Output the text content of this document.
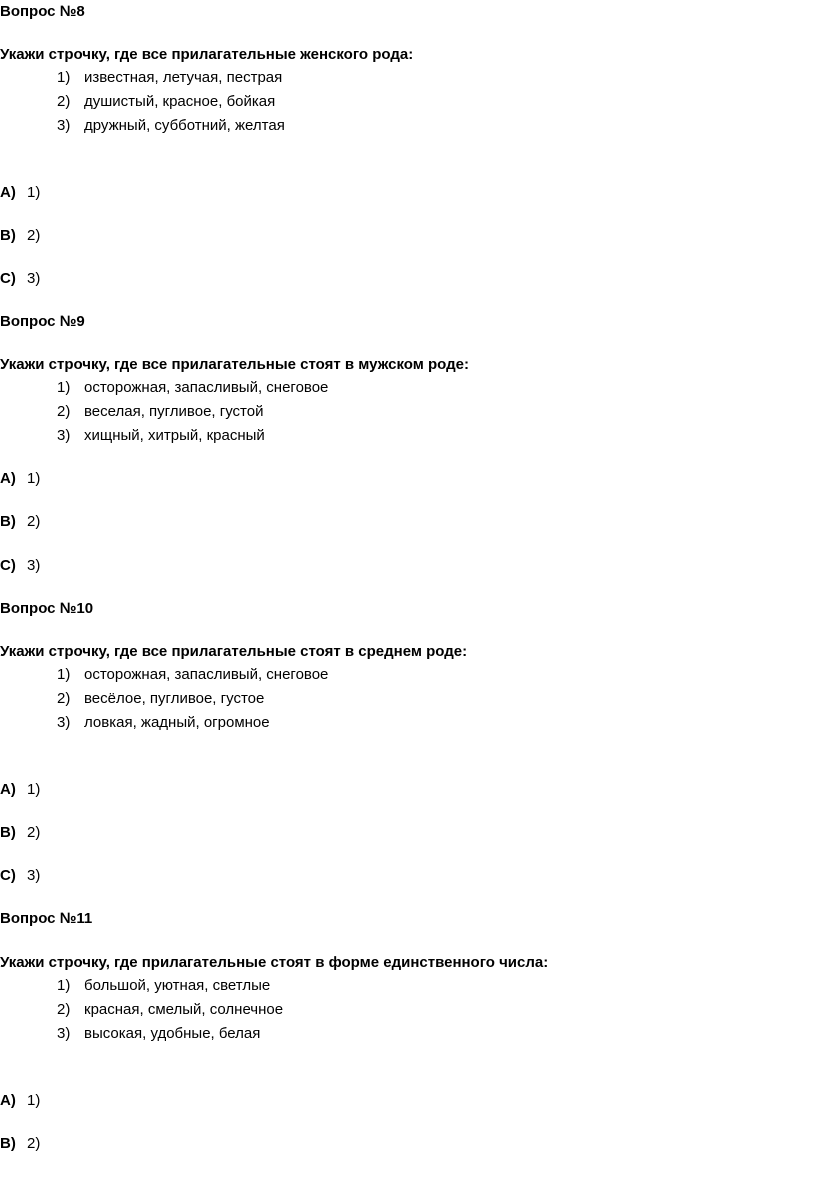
Вопрос №8
Укажи строчку, где все прилагательные женского рода:
1) известная, летучая, пестрая
2) душистый, красное, бойкая
3) дружный, субботний, желтая
A) 1)
B) 2)
C) 3)
Вопрос №9
Укажи строчку, где все прилагательные стоят в мужском роде:
1) осторожная, запасливый, снеговое
2) веселая, пугливое, густой
3) хищный, хитрый, красный
A) 1)
B) 2)
C) 3)
Вопрос №10
Укажи строчку, где все прилагательные стоят в среднем роде:
1) осторожная, запасливый, снеговое
2) весёлое, пугливое, густое
3) ловкая, жадный, огромное
A) 1)
B) 2)
C) 3)
Вопрос №11
Укажи строчку, где прилагательные стоят в форме единственного числа:
1) большой, уютная, светлые
2) красная, смелый, солнечное
3) высокая, удобные, белая
A) 1)
B) 2)
